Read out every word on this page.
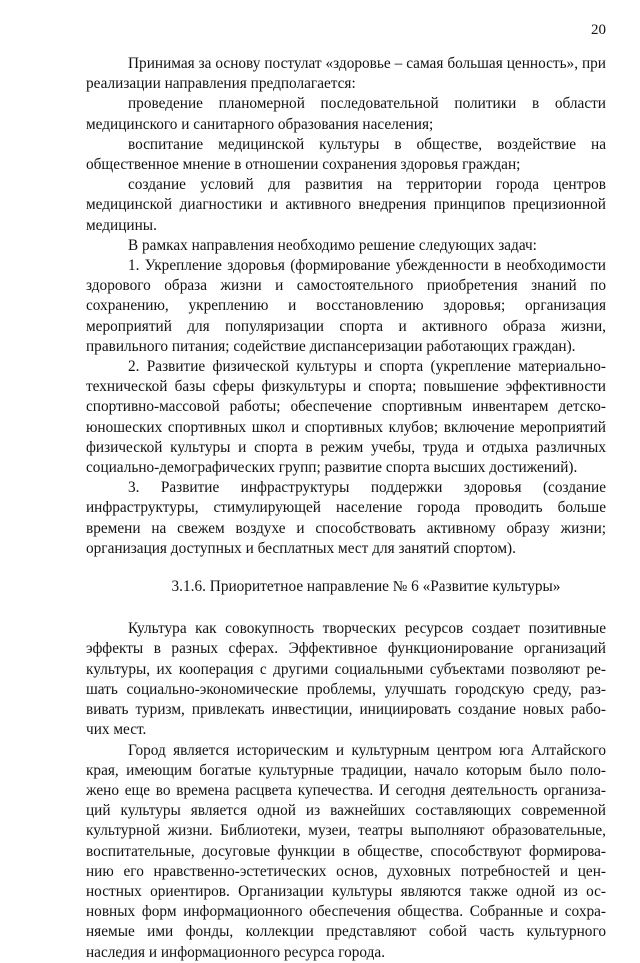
20

Принимая за основу постулат «здоровье – самая большая ценность», при реализации направления предполагается:

проведение планомерной последовательной политики в области медицинского и санитарного образования населения;

воспитание медицинской культуры в обществе, воздействие на общественное мнение в отношении сохранения здоровья граждан;

создание условий для развития на территории города центров медицинской диагностики и активного внедрения принципов прецизионной медицины.

В рамках направления необходимо решение следующих задач:

1. Укрепление здоровья (формирование убежденности в необходимости здорового образа жизни и самостоятельного приобретения знаний по сохранению, укреплению и восстановлению здоровья; организация мероприятий для популяризации спорта и активного образа жизни, правильного питания; содействие диспансеризации работающих граждан).

2. Развитие физической культуры и спорта (укрепление материально-технической базы сферы физкультуры и спорта; повышение эффективности спортивно-массовой работы; обеспечение спортивным инвентарем детско-юношеских спортивных школ и спортивных клубов; включение мероприятий физической культуры и спорта в режим учебы, труда и отдыха различных социально-демографических групп; развитие спорта высших достижений).

3. Развитие инфраструктуры поддержки здоровья (создание инфраструктуры, стимулирующей население города проводить больше времени на свежем воздухе и способствовать активному образу жизни; организация доступных и бесплатных мест для занятий спортом).

3.1.6. Приоритетное направление № 6 «Развитие культуры»

Культура как совокупность творческих ресурсов создает позитивные эффекты в разных сферах. Эффективное функционирование организаций культуры, их кооперация с другими социальными субъектами позволяют ре-шать социально-экономические проблемы, улучшать городскую среду, раз-вивать туризм, привлекать инвестиции, инициировать создание новых рабо-чих мест.

Город является историческим и культурным центром юга Алтайского края, имеющим богатые культурные традиции, начало которым было поло-жено еще во времена расцвета купечества. И сегодня деятельность организа-ций культуры является одной из важнейших составляющих современной культурной жизни. Библиотеки, музеи, театры выполняют образовательные, воспитательные, досуговые функции в обществе, способствуют формирова-нию его нравственно-эстетических основ, духовных потребностей и цен-ностных ориентиров. Организации культуры являются также одной из ос-новных форм информационного обеспечения общества. Собранные и сохра-няемые ими фонды, коллекции представляют собой часть культурного наследия и информационного ресурса города.
